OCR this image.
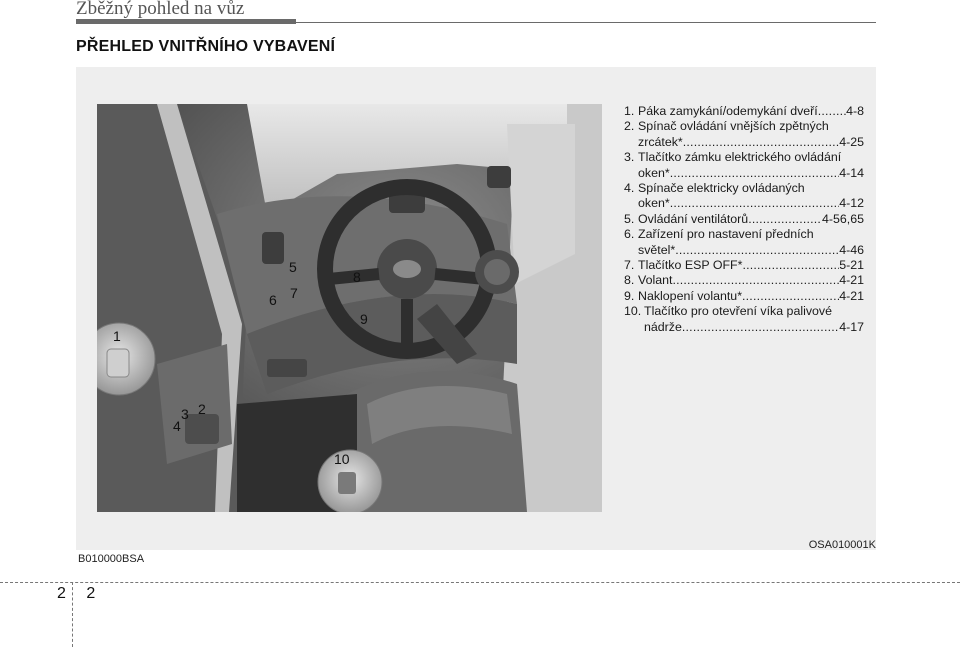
Zběžný pohled na vůz
PŘEHLED VNITŘNÍHO VYBAVENÍ
1
2
3
4
5
6 7
8
9
10
1. Páka zamykání/odemykání dveří ..... 4-8
2. Spínač ovládání vnějších zpětných
zrcátek* .....	4-25
3. Tlačítko zámku elektrického ovládání
oken* .....	4-14
4. Spínače elektricky ovládaných
oken* .....	4-12
5. Ovládání ventilátorů .....	4-56,65
6. Zařízení pro nastavení předních
světel* .....	4-46
7. Tlačítko ESP OFF* .....	5-21
8. Volant .....	4-21
9. Naklopení volantu* .....	4-21
10. Tlačítko pro otevření víka palivové
nádrže .....	4-17
OSA010001K
B010000BSA
2 2
